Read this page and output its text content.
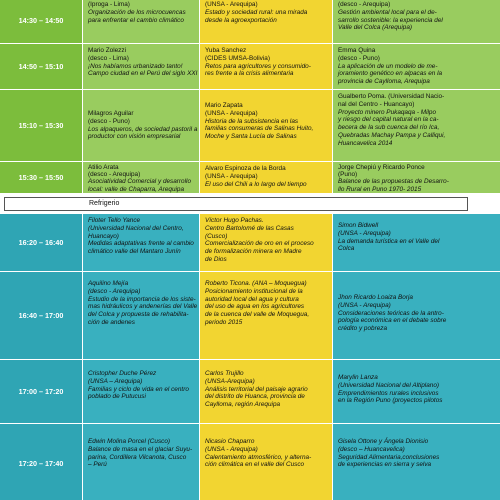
14:30 – 14:50
(Iproga - Lima)
Organización de los microcuencas
para enfrentar el cambio climático
(UNSA - Arequipa)
Estado y sociedad rural: una mirada
desde la agroexportación
(desco - Arequipa)
Gestión ambiental local para el de-
sarrollo sostenible: la experiencia del
Valle del Colca (Arequipa)
14:50 – 15:10
Mario Zolezzi
(desco - Lima)
¡Nos habíamos urbanizado tanto!
Campo ciudad en el Perú del siglo XXI
Yuba Sanchez
(CIDES UMSA-Bolivia)
Retos para agricultores y consumido-
res frente a la crisis alimentaria
Emma Quina
(desco - Puno)
La aplicación de un modelo de me-
joramiento genético en alpacas en la
provincia de Caylloma, Arequipa
15:10 – 15:30
Milagros Aguilar
(desco - Puno)
Los alpaqueros, de sociedad pastoril a
productor con visión empresarial
Mario Zapata
(UNSA - Arequipa)
Historia de la subsistencia en las
familias consumeras de Salinas Huito,
Moche y Santa Lucía de Salinas
Gualberto Poma. (Universidad Nacio-
nal del Centro - Huancayo)
Proyecto minero Pukaqaqa - Milpo
y riesgo del capital natural en la ca-
becera de la sub cuenca del río Ica,
Quebradas Machay Pampa y Calliqui,
Huancavelica 2014
15:30 – 15:50
Atilio Arata
(desco - Arequipa)
Asociatividad Comercial y desarrollo
local: valle de Chaparra, Arequipa
Alvaro Espinoza de la Borda
(UNSA - Arequipa)
El uso del Chili a lo largo del tiempo
Jorge Chepiú y Ricardo Ponce
(Puno)
Balance de las propuestas de Desarro-
llo Rural en Puno 1970- 2015
Refrigerio
16:20 – 16:40
Filoter Tello Yance
(Universidad Nacional del Centro,
Huancayo)
Medidas adaptativas frente al cambio
climático valle del Mantaro Junín
Víctor Hugo Pachas.
Centro Bartolomé de las Casas
(Cusco)
Comercialización de oro en el proceso
de formalización minera en Madre
de Dios
Simon Bidwell
(UNSA - Arequipa)
La demanda turística en el Valle del
Colca
16:40 – 17:00
Aquilino Mejía
(desco - Arequipa)
Estudio de la importancia de los siste-
mas hidráulicos y andenerías del Valle
del Colca y propuesta de rehabilita-
ción de andenes
Roberto Ticona. (ANA – Moquegua)
Posicionamiento institucional de la
autoridad local del agua y cultura
del uso de agua en los agricultores
de la cuenca del valle de Moquegua,
periodo 2015
Jhon Ricardo Loaiza Borja
(UNSA - Arequipa)
Consideraciones teóricas de la antro-
pología económica en el debate sobre
crédito y pobreza
17:00 – 17:20
Cristopher Duche Pérez
(UNSA – Arequipa)
Familias y ciclo de vida en el centro
poblado de Putucusi
Carlos Trujillo
(UNSA-Arequipa)
Análisis territorial del paisaje agrario
del distrito de Huanca, provincia de
Caylloma, región Arequipa
Marylin Lanza
(Universidad Nacional del Altiplano)
Emprendimientos rurales inclusivos
en la Región Puno (proyectos pilotos
17:20 – 17:40
Edwin Molina Porcel (Cusco)
Balance de masa en el glaciar Suyu-
parina, Cordillera Vilcanota, Cusco
– Perú
Nicasio Chaparro
(UNSA - Arequipa)
Calentamiento atmosférico, y alterna-
ción climática en el valle del Cusco
Gisela Ottone y Ángela Dionisio
(desco – Huancavelica)
Seguridad Alimentaria,conclusiones
de experiencias en sierra y selva
